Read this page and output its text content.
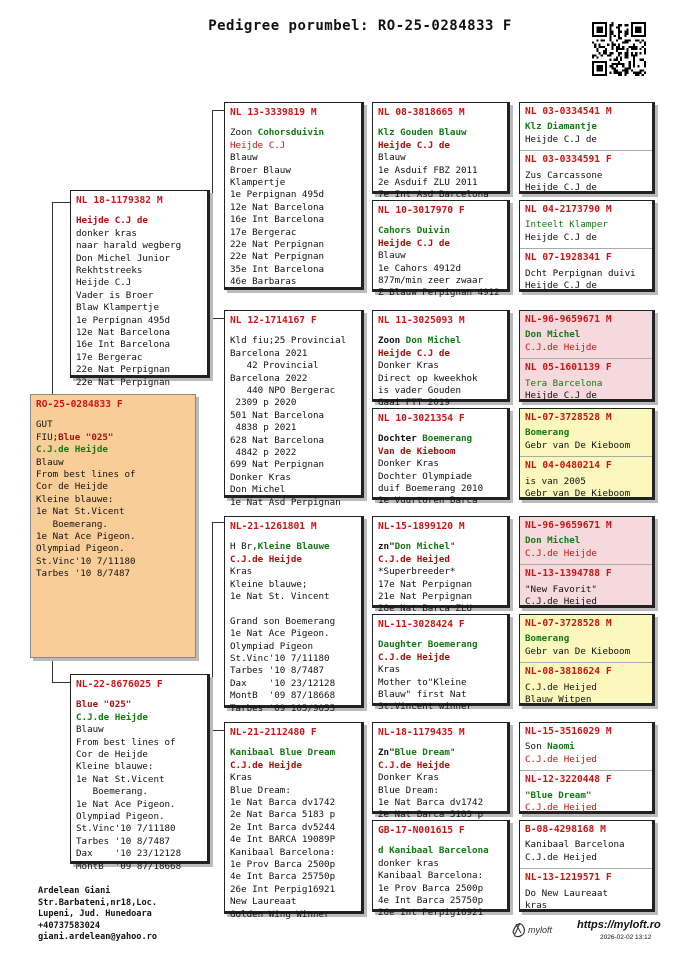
Pedigree porumbel: RO-25-0284833 F
RO-25-0284833 F
GUT
FIU;Blue "025"
C.J.de Heijde
Blauw
From best lines of
Cor de Heijde
Kleine blauwe:
1e Nat St.Vicent
Boemerang.
1e Nat Ace Pigeon.
Olympiad Pigeon.
St.Vinc'10 7/11180
Tarbes '10 8/7487
NL 18-1179382 M
Heijde C.J de
donker kras
naar harald wegberg
Don Michel Junior
Rekhtstreeks
Heijde C.J
Vader is Broer
Blaw Klampertje
1e Perpignan 495d
12e Nat Barcelona
16e Int Barcelona
17e Bergerac
22e Nat Perpignan
22e Nat Perpignan
NL-22-8676025 F
Blue "025"
C.J.de Heijde
Blauw
From best lines of
Cor de Heijde
Kleine blauwe:
1e Nat St.Vicent
Boemerang.
1e Nat Ace Pigeon.
Olympiad Pigeon.
St.Vinc'10 7/11180
Tarbes '10 8/7487
Dax    '10 23/12128
MontB  '09 87/18668
NL 13-3339819 M
Zoon Cohorsduivin
Heijde C.J
Blauw
Broer Blauw
Klampertje
1e Perpignan 495d
12e Nat Barcelona
16e Int Barcelona
17e Bergerac
22e Nat Perpignan
22e Nat Perpignan
35e Int Barcelona
46e Barbaras
NL 12-1714167 F
Kld fiu;25 Provincial
Barcelona 2021
42 Provincial
Barcelona 2022
440 NPO Bergerac
2309 p 2020
501 Nat Barcelona
4838 p 2021
628 Nat Barcelona
4842 p 2022
699 Nat Perpignan
Donker Kras
Don Michel
1e Nat Asd Perpignan
NL-21-1261801 M
H Br,Kleine Blauwe
C.J.de Heijde
Kras
Kleine blauwe;
1e Nat St. Vincent

Grand son Boemerang
1e Nat Ace Pigeon.
Olympiad Pigeon
St.Vinc'10 7/11180
Tarbes '10 8/7487
Dax    '10 23/12128
MontB  '09 87/18668
Tarbes '09 105/9055
NL-21-2112480 F
Kanibaal Blue Dream
C.J.de Heijde
Kras
Blue Dream:
1e Nat Barca dv1742
2e Nat Barca 5183 p
2e Int Barca dv5244
4e Int BARCA 19089P
Kanibaal Barcelona:
1e Prov Barca 2500p
4e Int Barca 25750p
26e Int Perpig16921
New Laureaat
Golden Wing Winner
NL 08-3818665 M
Klz Gouden Blauw
Heijde C.J de
Blauw
1e Asduif FBZ 2011
2e Asduif ZLU 2011
7e Int Asd Barcelona
NL 10-3017970 F
Cahors Duivin
Heijde C.J de
Blauw
1e Cahors 4912d
877m/min zeer zwaar
Z Blauw Perpignan 4912
NL 11-3025093 M
Zoon Don Michel
Heijde C.J de
Donker Kras
Direct op kweekhok
is vader Gouden
Gaai FTT 2019
NL 10-3021354 F
Dochter Boemerang
Van de Kieboom
Donker Kras
Dochter Olympiade
duif Boemerang 2010
1e Vuurtoren Barca
NL-15-1899120 M
zn"Don Michel"
C.J.de Heijed
*Superbreeder*
17e Nat Perpignan
21e Nat Perpignan
28e Nat Barca ZLU
NL-11-3028424 F
Daughter Boemerang
C.J.de Heijde
Kras
Mother to"Kleine
Blauw" first Nat
St.Vincent winner
NL-18-1179435 M
Zn"Blue Dream"
C.J.de Heijde
Donker Kras
Blue Dream:
1e Nat Barca dv1742
2e Nat Barca 5183 p
GB-17-N001615 F
d Kanibaal Barcelona
donker kras
Kanibaal Barcelona:
1e Prov Barca 2500p
4e Int Barca 25750p
26e Int Perpig16921
NL 03-0334541 M
Klz Diamantje
Heijde C.J de
NL 03-0334591 F
Zus Carcassone
Heijde C.J de
NL 04-2173790 M
Inteelt Klamper
Heijde C.J de
NL 07-1928341 F
Dcht Perpignan duivi
Heijde C.J de
NL-96-9659671 M
Don Michel
C.J.de Heijde
NL 05-1601139 F
Tera Barcelona
Heijde C.J de
NL-07-3728528 M
Bomerang
Gebr van De Kieboom
NL 04-0480214 F
is van 2005
Gebr van De Kieboom
NL-96-9659671 M
Don Michel
C.J.de Heijde
NL-13-1394788 F
"New Favorit"
C.J.de Heijed
NL-07-3728528 M
Bomerang
Gebr van De Kieboom
NL-08-3818624 F
C.J.de Heijed
Blauw Witpen
NL-15-3516029 M
Son Naomi
C.J.de Heijed
NL-12-3220448 F
"Blue Dream"
C.J.de Heijed
B-08-4298168 M
Kanibaal Barcelona
C.J.de Heijed
NL-13-1219571 F
Do New Laureaat
kras
Ardelean Giani
Str.Barbateni,nr18,Loc.
Lupeni, Jud. Hunedoara
+40737583024
giani.ardelean@yahoo.ro
myloft https://myloft.ro
2026-02-02 13:12
